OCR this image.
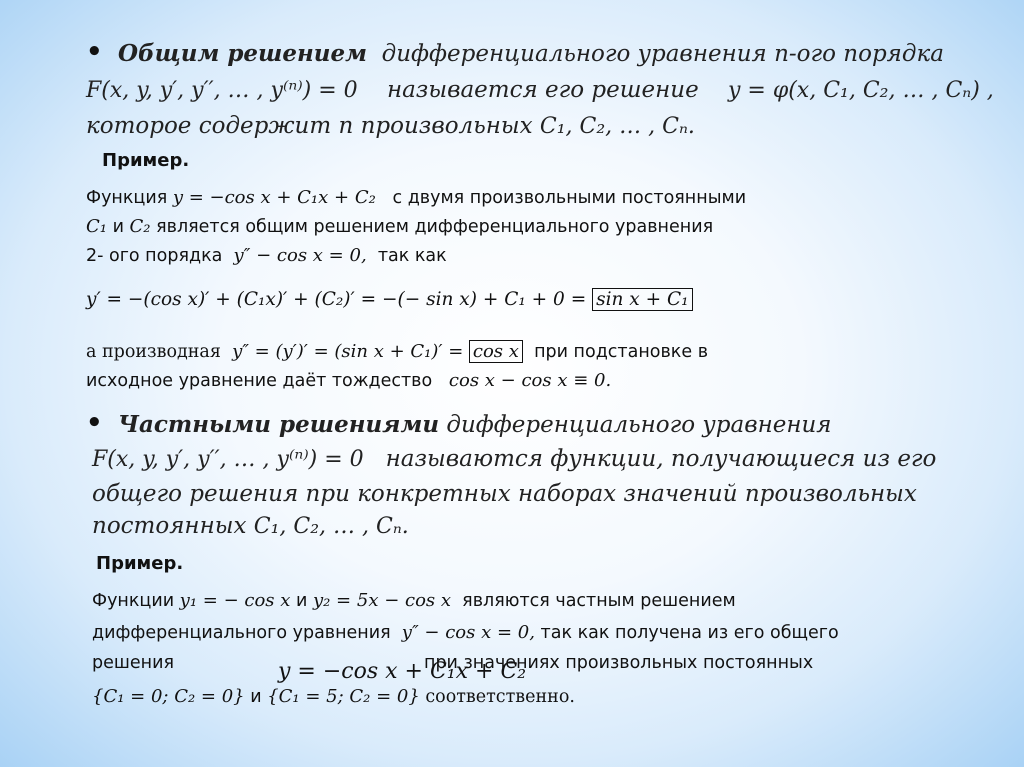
• Общим решением дифференциального уравнения n-ого порядка
F(x, y, y′, y′′, … , y⁽ⁿ⁾) = 0 называется его решение y = φ(x, C₁, C₂, … , Cₙ) ,
которое содержит n произвольных C₁, C₂, … , Cₙ.
Пример.
Функция y = −cos x + C₁x + C₂ с двумя произвольными постоянными
C₁ и C₂ является общим решением дифференциального уравнения
2- ого порядка y″ − cos x = 0, так как
y′ = −(cos x)′ + (C₁x)′ + (C₂)′ = −(− sin x) + C₁ + 0 = sin x + C₁
а производная y″ = (y′)′ = (sin x + C₁)′ = cos x при подстановке в
исходное уравнение даёт тождество cos x − cos x ≡ 0.
• Частными решениями дифференциального уравнения
F(x, y, y′, y′′, … , y⁽ⁿ⁾) = 0 называются функции, получающиеся из его
общего решения при конкретных наборах значений произвольных
постоянных C₁, C₂, … , Cₙ.
Пример.
Функции y₁ = − cos x и y₂ = 5x − cos x являются частным решением
дифференциального уравнения y″ − cos x = 0, так как получена из его общего
решения	при значениях произвольных постоянных
y = −cos x + C₁x + C₂
{C₁ = 0; C₂ = 0} и {C₁ = 5; C₂ = 0} соответственно.
